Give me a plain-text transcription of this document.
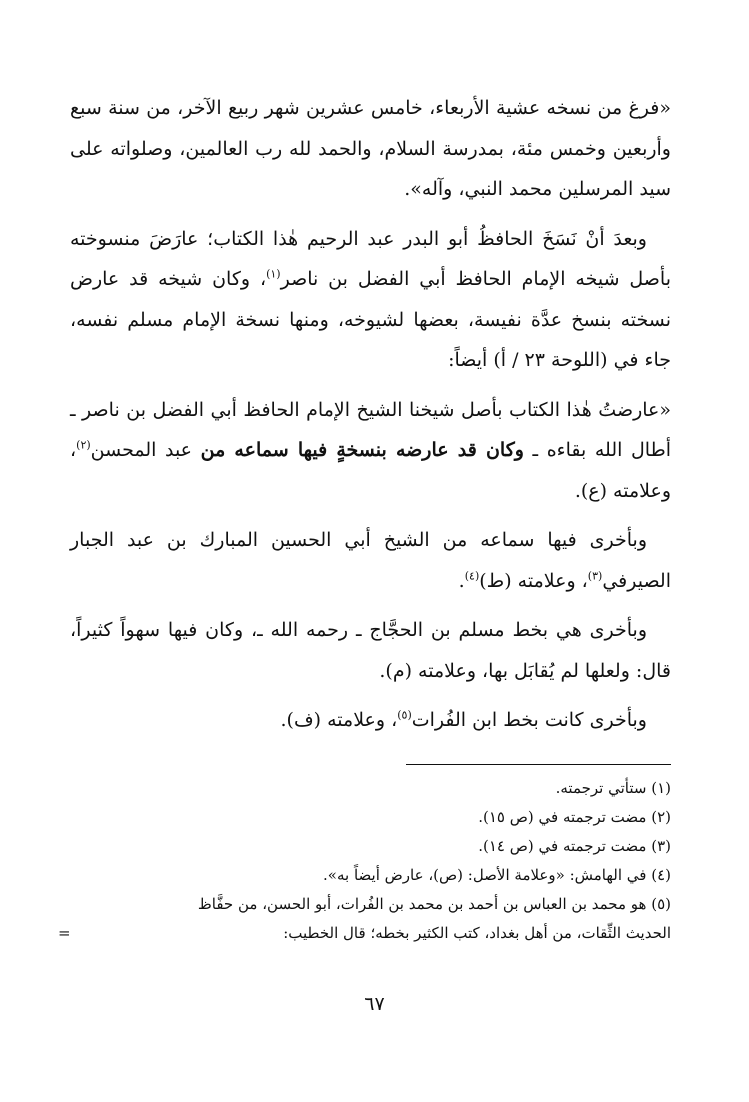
«فرغ من نسخه عشية الأربعاء، خامس عشرين شهر ربيع الآخر، من سنة سبع وأربعين وخمس مئة، بمدرسة السلام، والحمد لله رب العالمين، وصلواته على سيد المرسلين محمد النبي، وآله».

وبعدَ أنْ نَسَخَ الحافظُ أبو البدر عبد الرحيم هٰذا الكتاب؛ عارَضَ منسوخته بأصل شيخه الإمام الحافظ أبي الفضل بن ناصر$^{(١)}$، وكان شيخه قد عارض نسخته بنسخ عدَّة نفيسة، بعضها لشيوخه، ومنها نسخة الإمام مسلم نفسه، جاء في (اللوحة ٢٣ / أ) أيضاً:

«عارضتُ هٰذا الكتاب بأصل شيخنا الشيخ الإمام الحافظ أبي الفضل بن ناصر ـ أطال الله بقاءه ـ وكان قد عارضه بنسخةٍ فيها سماعه من عبد المحسن$^{(٢)}$، وعلامته (ع).

وبأخرى فيها سماعه من الشيخ أبي الحسين المبارك بن عبد الجبار الصيرفي$^{(٣)}$، وعلامته (ط)$^{(٤)}$.

وبأخرى هي بخط مسلم بن الحجَّاج ـ رحمه الله ـ، وكان فيها سهواً كثيراً، قال: ولعلها لم يُقابَل بها، وعلامته (م).

وبأخرى كانت بخط ابن الفُرات$^{(٥)}$، وعلامته (ف).

(١) ستأتي ترجمته.

(٢) مضت ترجمته في (ص ١٥).

(٣) مضت ترجمته في (ص ١٤).

(٤) في الهامش: «وعلامة الأصل: (ص)، عارض أيضاً به».

(٥) هو محمد بن العباس بن أحمد بن محمد بن الفُرات، أبو الحسن، من حفَّاظ

الحديث الثِّقات، من أهل بغداد، كتب الكثير بخطه؛ قال الخطيب:
=

٦٧
